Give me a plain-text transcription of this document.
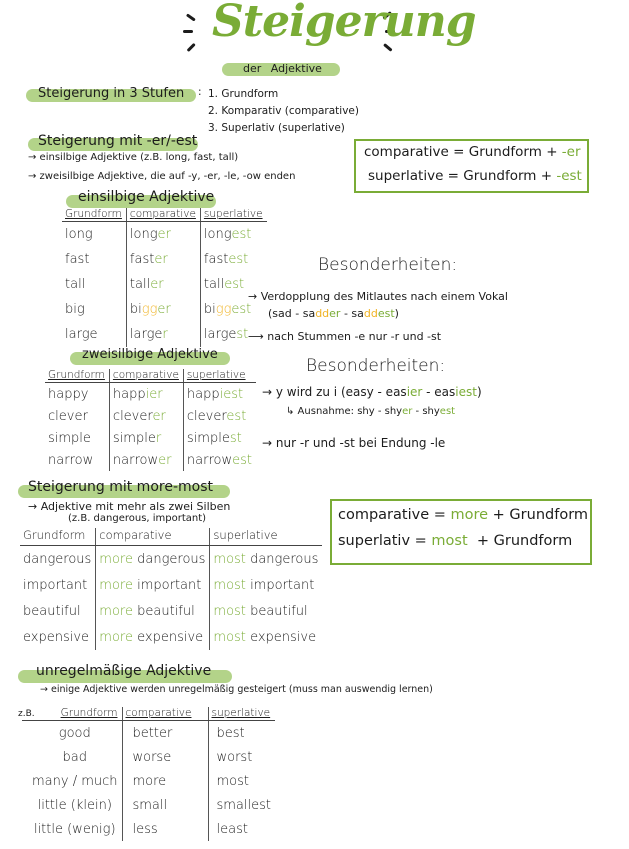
Steigerung
der Adjektive
Steigerung in 3 Stufen : 1. Grundform
2. Komparativ (comparative)
3. Superlativ (superlative)
Steigerung mit -er/-est
→ einsilbige Adjektive (z.B. long, fast, tall)
→ zweisilbige Adjektive, die auf -y, -er, -le, -ow enden
comparative = Grundform + -er
superlative = Grundform + -est
einsilbige Adjektive
Grundform	comparative	superlative
long	longer	longest
fast	faster	fastest
tall	taller	tallest
big	bigger	biggest
large	larger	largest
Besonderheiten:
→ Verdopplung des Mitlautes nach einem Vokal
(sad - sadder - saddest)
⟶ nach Stummen -e nur -r und -st
zweisilbige Adjektive
Grundform	comparative	superlative
happy	happier	happiest
clever	cleverer	cleverest
simple	simpler	simplest
narrow	narrower	narrowest
Besonderheiten:
→ y wird zu i (easy - easier - easiest)
↳ Ausnahme: shy - shyer - shyest
→ nur -r und -st bei Endung -le
Steigerung mit more-most
→ Adjektive mit mehr als zwei Silben
(z.B. dangerous, important)
Grundform	comparative	superlative
dangerous	more dangerous	most dangerous
important	more important	most important
beautiful	more beautiful	most beautiful
expensive	more expensive	most expensive
comparative = more + Grundform
superlativ = most  + Grundform
unregelmäßige Adjektive
→ einige Adjektive werden unregelmäßig gesteigert (muss man auswendig lernen)
z.B. Grundform	comparative	superlative
good	better	best
bad	worse	worst
many / much	more	most
little (klein)	small	smallest
little (wenig)	less	least
